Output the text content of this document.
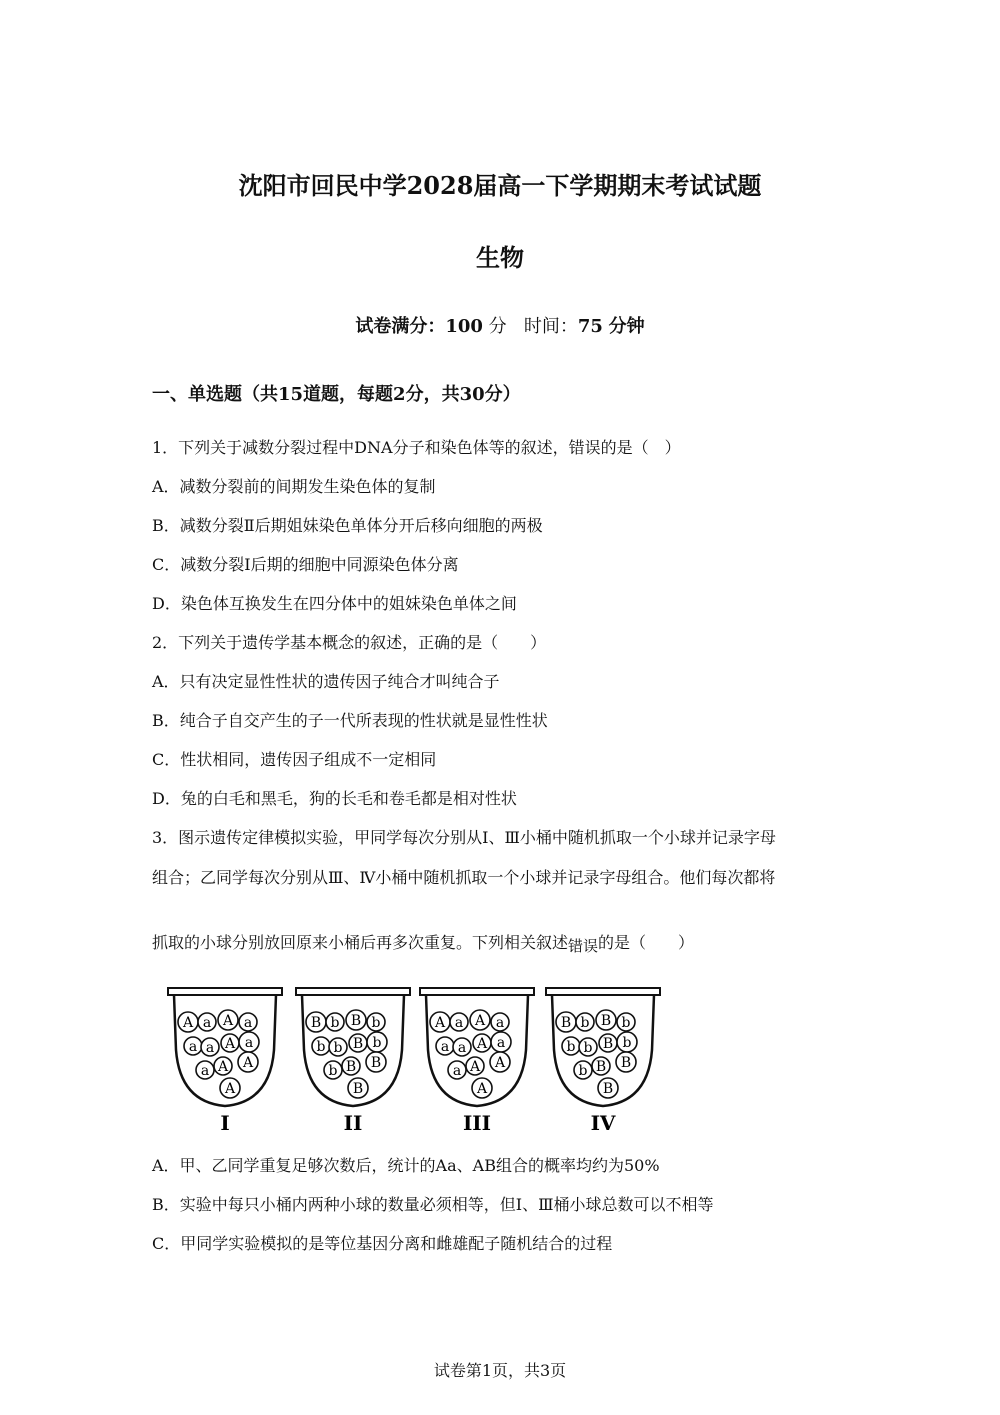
沈阳市回民中学2028届高一下学期期末考试试题
生物
试卷满分：100 分 时间：75 分钟
一、单选题（共15道题，每题2分，共30分）
1．下列关于减数分裂过程中DNA分子和染色体等的叙述，错误的是（　）
A．减数分裂前的间期发生染色体的复制
B．减数分裂Ⅱ后期姐妹染色单体分开后移向细胞的两极
C．减数分裂Ⅰ后期的细胞中同源染色体分离
D．染色体互换发生在四分体中的姐妹染色单体之间
2．下列关于遗传学基本概念的叙述，正确的是（　　）
A．只有决定显性性状的遗传因子纯合才叫纯合子
B．纯合子自交产生的子一代所表现的性状就是显性性状
C．性状相同，遗传因子组成不一定相同
D．兔的白毛和黑毛，狗的长毛和卷毛都是相对性状
3．图示遗传定律模拟实验，甲同学每次分别从Ⅰ、Ⅲ小桶中随机抓取一个小球并记录字母
组合；乙同学每次分别从Ⅲ、Ⅳ小桶中随机抓取一个小球并记录字母组合。他们每次都将
抓取的小球分别放回原来小桶后再多次重复。下列相关叙述错误的是（　　）
A a A a
a a A a
a A A
A
I
B b B b
b b B b
b B B
B
II
A a A a
a a A a
a A A
A
III
B b B b
b b B b
b B B
B
IV
A．甲、乙同学重复足够次数后，统计的Aa、AB组合的概率均约为50%
B．实验中每只小桶内两种小球的数量必须相等，但Ⅰ、Ⅲ桶小球总数可以不相等
C．甲同学实验模拟的是等位基因分离和雌雄配子随机结合的过程
试卷第1页，共3页
